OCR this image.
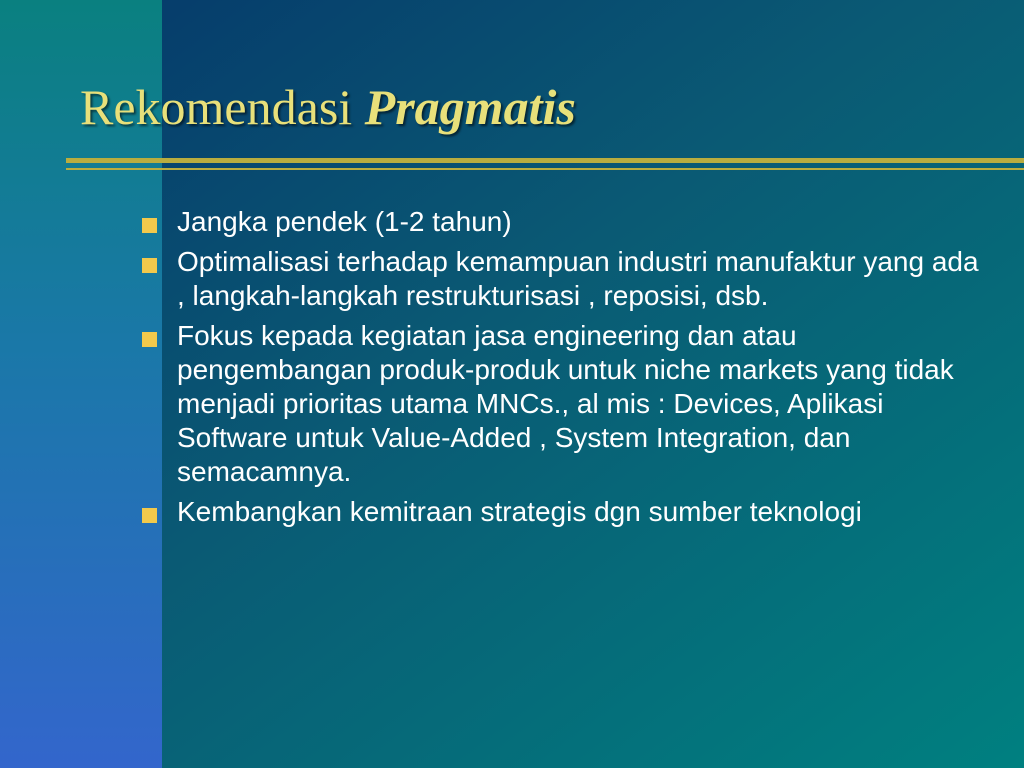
Rekomendasi Pragmatis
Jangka pendek (1-2 tahun)
Optimalisasi terhadap kemampuan industri manufaktur yang ada , langkah-langkah restrukturisasi , reposisi, dsb.
Fokus kepada kegiatan jasa engineering dan atau pengembangan produk-produk untuk niche markets yang tidak menjadi prioritas utama MNCs., al mis : Devices, Aplikasi Software untuk Value-Added , System Integration, dan semacamnya.
Kembangkan kemitraan strategis dgn sumber teknologi
